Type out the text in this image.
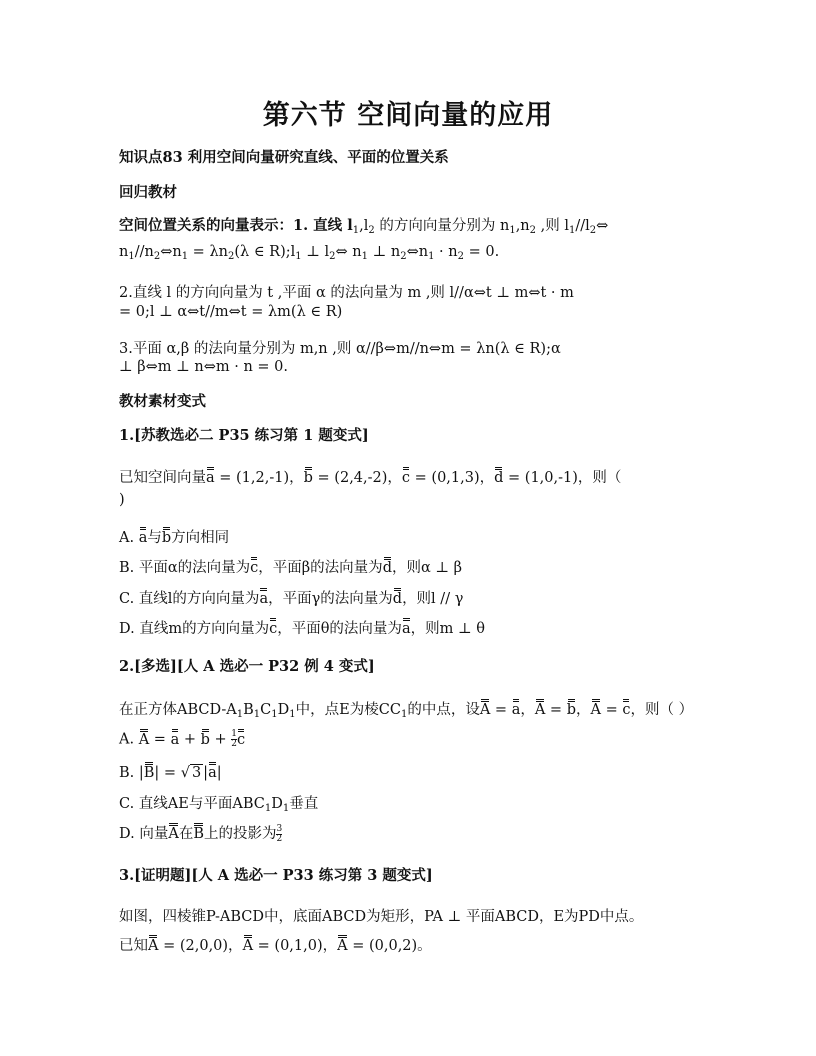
第六节 空间向量的应用
知识点83 利用空间向量研究直线、平面的位置关系
回归教材
空间位置关系的向量表示：1. 直线 $l_1,l_2$ 的方向向量分别为 $n_1,n_2$ ,则 $l_1//l_2\Leftrightarrow$
$n_1//n_2\Leftrightarrow n_1 = \lambda n_2(\lambda$ ∈ $R);l_1$ ⊥ $l_2\Leftrightarrow$ $n_1$ ⊥ $n_2\Leftrightarrow n_1 \cdot n_2 = 0$.
2.直线 l 的方向向量为 t ,平面 α 的法向量为 m ,则 l//α⇔t ⊥ m⇔t · m
= 0;l ⊥ α⇔t//m⇔t = λm(λ ∈ R)
3.平面 α,β 的法向量分别为 m,n ,则 α//β⇔m//n⇔m = λn(λ ∈ R);α
⊥ β⇔m ⊥ n⇔m · n = 0.
教材素材变式
1.[苏教选必二 P35 练习第 1 题变式]
已知空间向量a = (1,2,-1)，b = (2,4,-2)，c = (0,1,3)，d = (1,0,-1)，则（
)
A. a与b方向相同
B. 平面α的法向量为c，平面β的法向量为d，则α ⊥ β
C. 直线l的方向向量为a，平面γ的法向量为d，则l // γ
D. 直线m的方向向量为c，平面θ的法向量为a，则m ⊥ θ
2.[多选][人 A 选必一 P32 例 4 变式]
在正方体ABCD-$A_1B_1C_1D_1$中，点E为棱$CC_1$的中点，设A = a，A = b，A = c，则（ ）
A. $A = a + b + \frac{1}{2}$ c
B. |B| = √ 3 |a|
C. 直线AE与平面$ABC_1D_1$垂直
D. 向量A在B上的投影为 $\frac{3}{2}$
3.[证明题][人 A 选必一 P33 练习第 3 题变式]
如图，四棱锥P-ABCD中，底面ABCD为矩形，PA ⊥ 平面ABCD，E为PD中点。
已知A = (2,0,0)，A = (0,1,0)，A = (0,0,2)。
